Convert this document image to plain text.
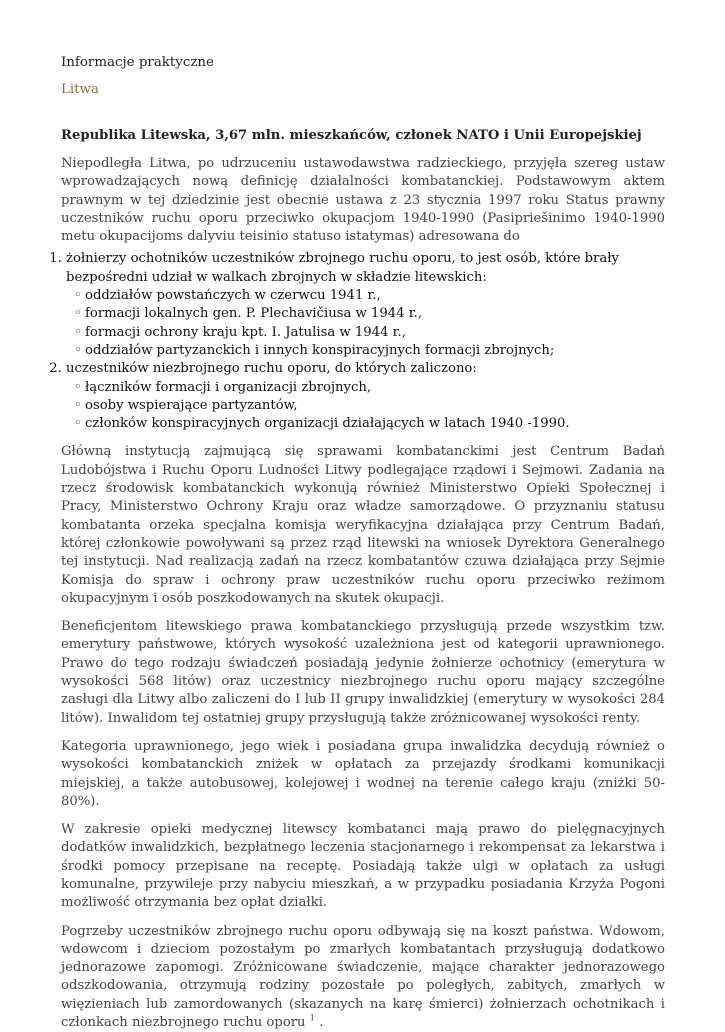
Informacje praktyczne
Litwa
Republika Litewska, 3,67 mln. mieszkańców, członek NATO i Unii Europejskiej

Niepodległa Litwa, po udrzuceniu ustawodawstwa radzieckiego, przyjęła szereg ustaw wprowadzających nową definicję działalności kombatanckiej. Podstawowym aktem prawnym w tej dziedzinie jest obecnie ustawa z 23 stycznia 1997 roku Status prawny uczestników ruchu oporu przeciwko okupacjom 1940-1990 (Pasipriešinimo 1940-1990 metu okupacijoms dalyviu teisinio statuso istatymas) adresowana do

1. żołnierzy ochotników uczestników zbrojnego ruchu oporu, to jest osób, które brały bezpośredni udział w walkach zbrojnych w składzie litewskich:
◦ oddziałów powstańczych w czerwcu 1941 r.,
◦ formacji lokalnych gen. P. Plechavičiusa w 1944 r.,
◦ formacji ochrony kraju kpt. I. Jatulisa w 1944 r.,
◦ oddziałów partyzanckich i innych konspiracyjnych formacji zbrojnych;
2. uczestników niezbrojnego ruchu oporu, do których zaliczono:
◦ łączników formacji i organizacji zbrojnych,
◦ osoby wspierające partyzantów,
◦ członków konspiracyjnych organizacji działających w latach 1940 -1990.

Główną instytucją zajmującą się sprawami kombatanckimi jest Centrum Badań Ludobójstwa i Ruchu Oporu Ludności Litwy podlegające rządowi i Sejmowi. Zadania na rzecz środowisk kombatanckich wykonują również Ministerstwo Opieki Społecznej i Pracy, Ministerstwo Ochrony Kraju oraz władze samorządowe. O przyznaniu statusu kombatanta orzeka specjalna komisja weryfikacyjna działająca przy Centrum Badań, której członkowie powoływani są przez rząd litewski na wniosek Dyrektora Generalnego tej instytucji. Nad realizacją zadań na rzecz kombatantów czuwa działająca przy Sejmie Komisja do spraw i ochrony praw uczestników ruchu oporu przeciwko reżimom okupacyjnym i osób poszkodowanych na skutek okupacji.

Beneficjentom litewskiego prawa kombatanckiego przysługują przede wszystkim tzw. emerytury państwowe, których wysokość uzależniona jest od kategorii uprawnionego. Prawo do tego rodzaju świadczeń posiadają jedynie żołnierze ochotnicy (emerytura w wysokości 568 litów) oraz uczestnicy niezbrojnego ruchu oporu mający szczególne zasługi dla Litwy albo zaliczeni do I lub II grupy inwalidzkiej (emerytury w wysokości 284 litów). Inwalidom tej ostatniej grupy przysługują także zróżnicowanej wysokości renty.

Kategoria uprawnionego, jego wiek i posiadana grupa inwalidzka decydują również o wysokości kombatanckich zniżek w opłatach za przejazdy środkami komunikacji miejskiej, a także autobusowej, kolejowej i wodnej na terenie całego kraju (zniżki 50-80%).

W zakresie opieki medycznej litewscy kombatanci mają prawo do pielęgnacyjnych dodatków inwalidzkich, bezpłatnego leczenia stacjonarnego i rekompensat za lekarstwa i środki pomocy przepisane na receptę. Posiadają także ulgi w opłatach za usługi komunalne, przywileje przy nabyciu mieszkań, a w przypadku posiadania Krzyża Pogoni możliwość otrzymania bez opłat działki.

Pogrzeby uczestników zbrojnego ruchu oporu odbywają się na koszt państwa. Wdowom, wdowcom i dzieciom pozostałym po zmarłych kombatantach przysługują dodatkowo jednorazowe zapomogi. Zróżnicowane świadczenie, mające charakter jednorazowego odszkodowania, otrzymują rodziny pozostałe po poległych, zabitych, zmarłych w więzieniach lub zamordowanych (skazanych na karę śmierci) żołnierzach ochotnikach i członkach niezbrojnego ruchu oporu $^1$ .
